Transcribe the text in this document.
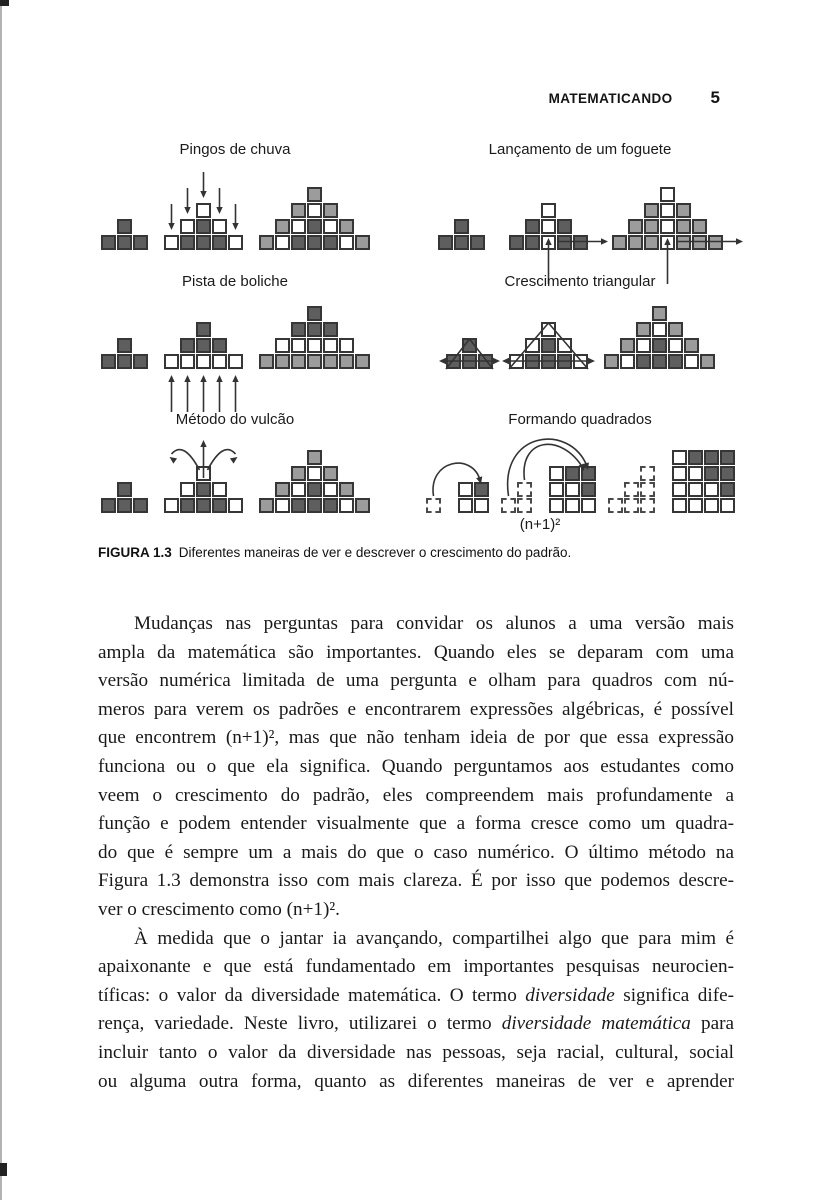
MATEMATICANDO 5
Pingos de chuva	Lançamento de um foguete
Pista de boliche	Crescimento triangular
Método do vulcão	Formando quadrados
(n+1)²
FIGURA 1.3 Diferentes maneiras de ver e descrever o crescimento do padrão.
Mudanças nas perguntas para convidar os alunos a uma versão mais
ampla da matemática são importantes. Quando eles se deparam com uma
versão numérica limitada de uma pergunta e olham para quadros com nú-
meros para verem os padrões e encontrarem expressões algébricas, é possível
que encontrem (n+1)², mas que não tenham ideia de por que essa expressão
funciona ou o que ela significa. Quando perguntamos aos estudantes como
veem o crescimento do padrão, eles compreendem mais profundamente a
função e podem entender visualmente que a forma cresce como um quadra-
do que é sempre um a mais do que o caso numérico. O último método na
Figura 1.3 demonstra isso com mais clareza. É por isso que podemos descre-
ver o crescimento como (n+1)².
À medida que o jantar ia avançando, compartilhei algo que para mim é
apaixonante e que está fundamentado em importantes pesquisas neurocien-
tíficas: o valor da diversidade matemática. O termo diversidade significa dife-
rença, variedade. Neste livro, utilizarei o termo diversidade matemática para
incluir tanto o valor da diversidade nas pessoas, seja racial, cultural, social
ou alguma outra forma, quanto as diferentes maneiras de ver e aprender
